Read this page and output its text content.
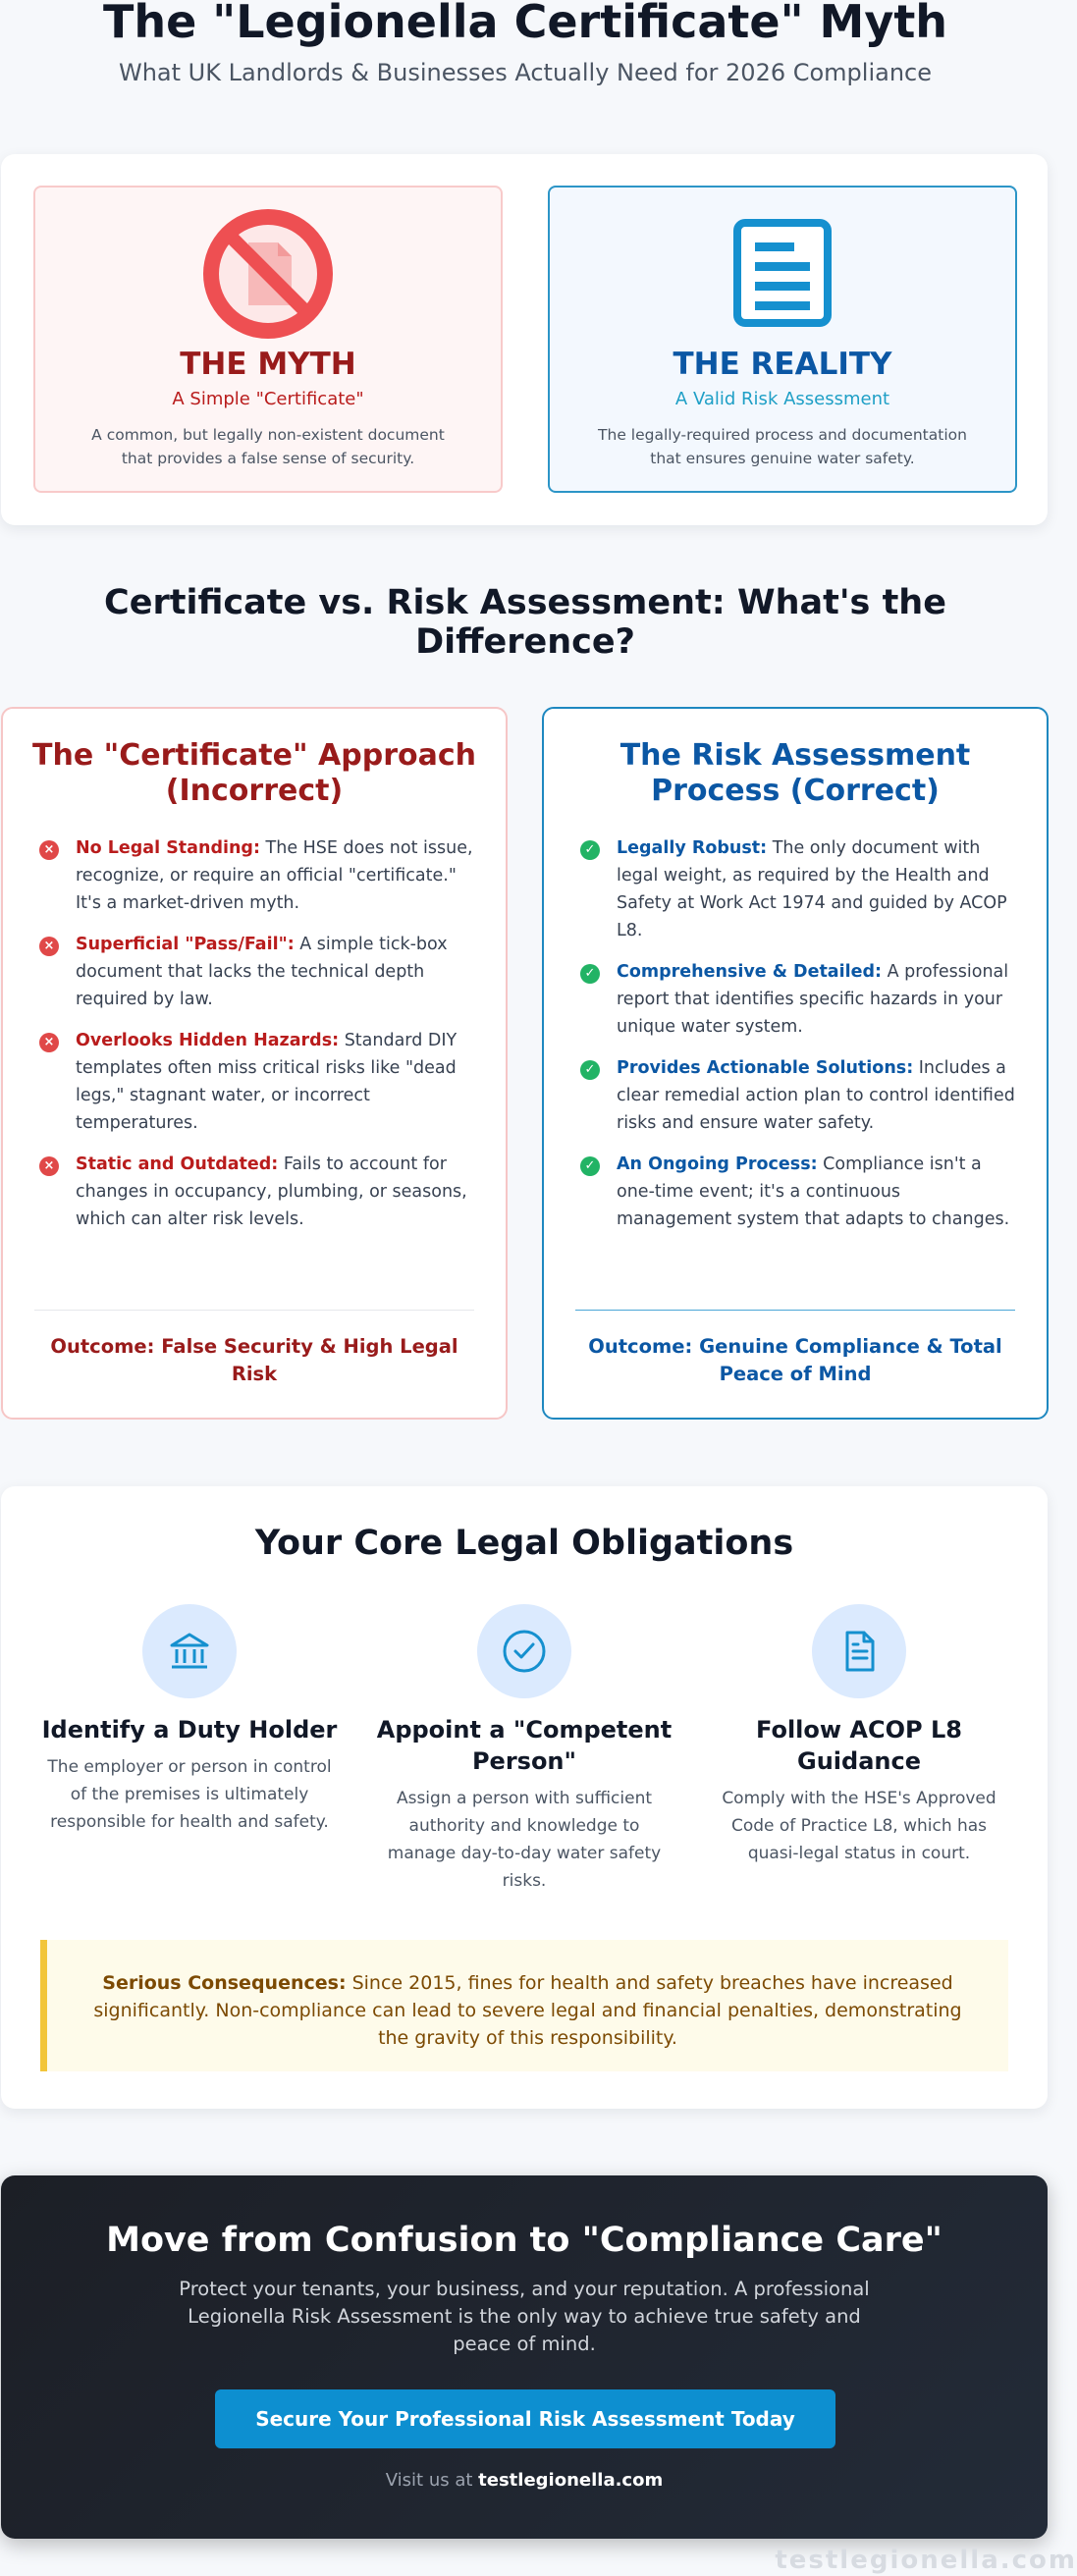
The "Legionella Certificate" Myth
What UK Landlords & Businesses Actually Need for 2026 Compliance
THE MYTH
A Simple "Certificate"
A common, but legally non-existent document that provides a false sense of security.
THE REALITY
A Valid Risk Assessment
The legally-required process and documentation that ensures genuine water safety.
Certificate vs. Risk Assessment: What's the Difference?
The "Certificate" Approach (Incorrect)
× No Legal Standing: The HSE does not issue, recognize, or require an official "certificate." It's a market-driven myth.
× Superficial "Pass/Fail": A simple tick-box document that lacks the technical depth required by law.
× Overlooks Hidden Hazards: Standard DIY templates often miss critical risks like "dead legs," stagnant water, or incorrect temperatures.
× Static and Outdated: Fails to account for changes in occupancy, plumbing, or seasons, which can alter risk levels.
Outcome: False Security & High Legal Risk
The Risk Assessment Process (Correct)
✓ Legally Robust: The only document with legal weight, as required by the Health and Safety at Work Act 1974 and guided by ACOP L8.
✓ Comprehensive & Detailed: A professional report that identifies specific hazards in your unique water system.
✓ Provides Actionable Solutions: Includes a clear remedial action plan to control identified risks and ensure water safety.
✓ An Ongoing Process: Compliance isn't a one-time event; it's a continuous management system that adapts to changes.
Outcome: Genuine Compliance & Total Peace of Mind
Your Core Legal Obligations
Identify a Duty Holder
The employer or person in control of the premises is ultimately responsible for health and safety.
Appoint a "Competent Person"
Assign a person with sufficient authority and knowledge to manage day-to-day water safety risks.
Follow ACOP L8 Guidance
Comply with the HSE's Approved Code of Practice L8, which has quasi-legal status in court.
Serious Consequences: Since 2015, fines for health and safety breaches have increased significantly. Non-compliance can lead to severe legal and financial penalties, demonstrating the gravity of this responsibility.
Move from Confusion to "Compliance Care"
Protect your tenants, your business, and your reputation. A professional Legionella Risk Assessment is the only way to achieve true safety and peace of mind.
Secure Your Professional Risk Assessment Today
Visit us at testlegionella.com
testlegionella.com
